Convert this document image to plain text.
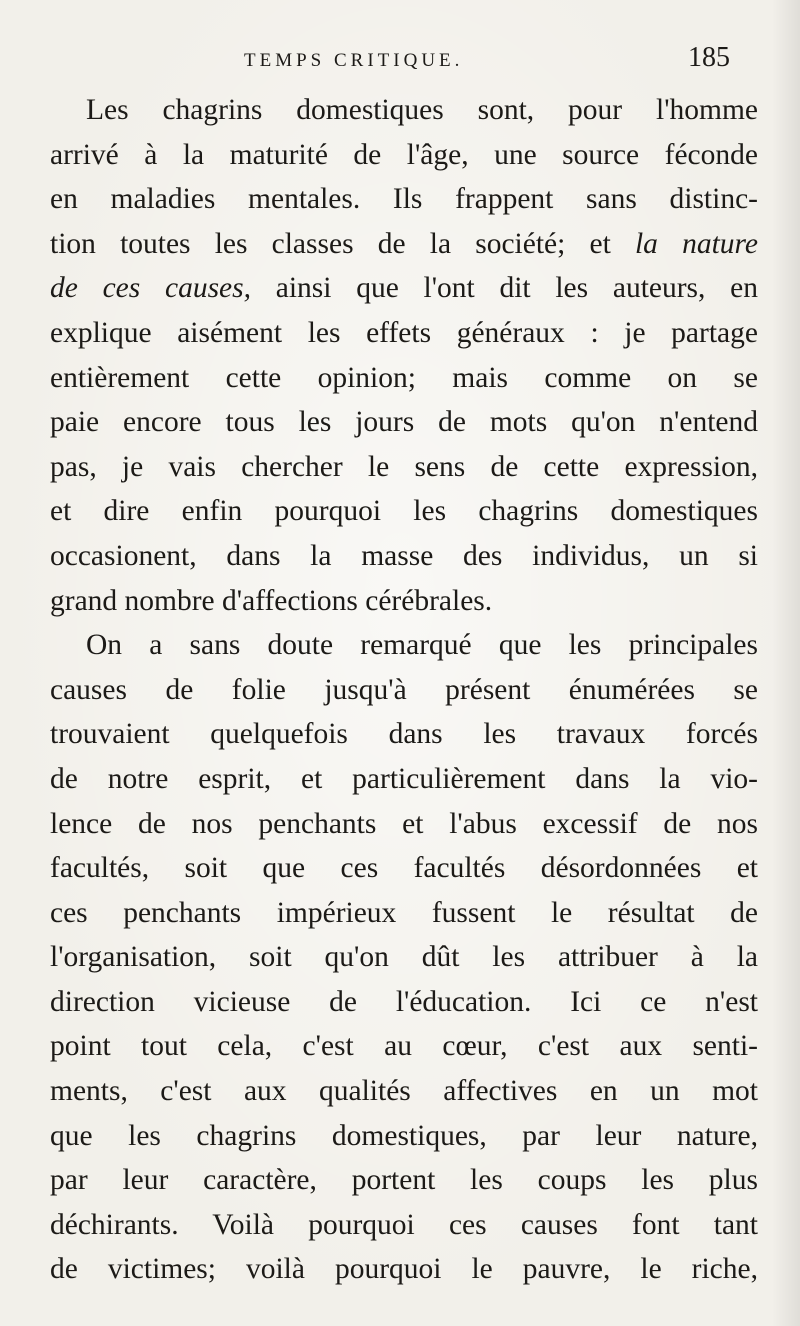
TEMPS CRITIQUE.	185
Les chagrins domestiques sont, pour l'homme
arrivé à la maturité de l'âge, une source féconde
en maladies mentales. Ils frappent sans distinc-
tion toutes les classes de la société; et la nature
de ces causes, ainsi que l'ont dit les auteurs, en
explique aisément les effets généraux : je partage
entièrement cette opinion; mais comme on se
paie encore tous les jours de mots qu'on n'entend
pas, je vais chercher le sens de cette expression,
et dire enfin pourquoi les chagrins domestiques
occasionent, dans la masse des individus, un si
grand nombre d'affections cérébrales.
On a sans doute remarqué que les principales
causes de folie jusqu'à présent énumérées se
trouvaient quelquefois dans les travaux forcés
de notre esprit, et particulièrement dans la vio-
lence de nos penchants et l'abus excessif de nos
facultés, soit que ces facultés désordonnées et
ces penchants impérieux fussent le résultat de
l'organisation, soit qu'on dût les attribuer à la
direction vicieuse de l'éducation. Ici ce n'est
point tout cela, c'est au cœur, c'est aux senti-
ments, c'est aux qualités affectives en un mot
que les chagrins domestiques, par leur nature,
par leur caractère, portent les coups les plus
déchirants. Voilà pourquoi ces causes font tant
de victimes; voilà pourquoi le pauvre, le riche,
